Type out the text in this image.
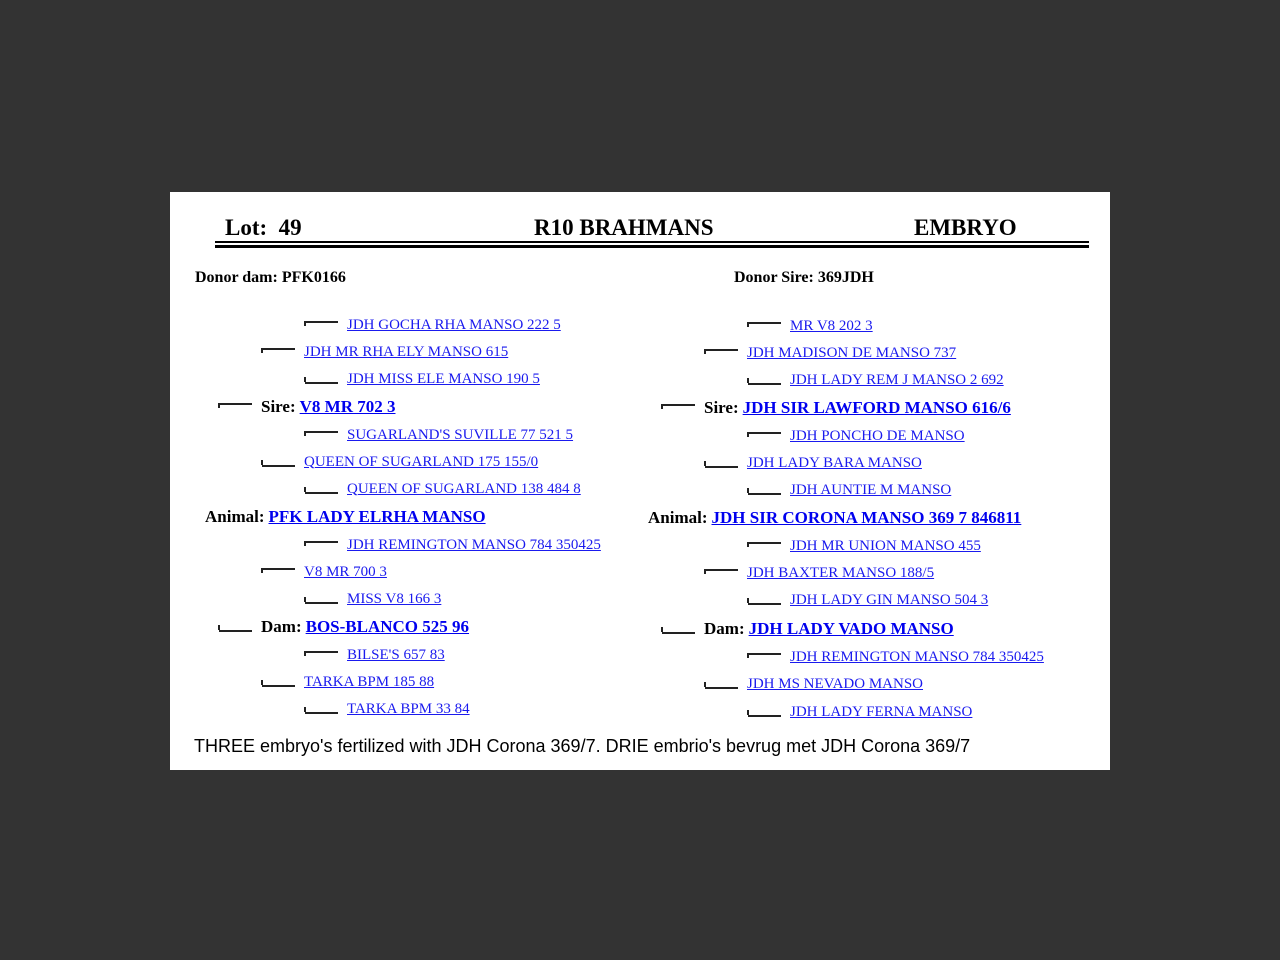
Lot: 49	R10 BRAHMANS	EMBRYO
Donor dam: PFK0166	Donor Sire: 369JDH
JDH GOCHA RHA MANSO 222 5
JDH MR RHA ELY MANSO 615
JDH MISS ELE MANSO 190 5
Sire: V8 MR 702 3
SUGARLAND'S SUVILLE 77 521 5
QUEEN OF SUGARLAND 175 155/0
QUEEN OF SUGARLAND 138 484 8
Animal: PFK LADY ELRHA MANSO
JDH REMINGTON MANSO 784 350425
V8 MR 700 3
MISS V8 166 3
Dam: BOS-BLANCO 525 96
BILSE'S 657 83
TARKA BPM 185 88
TARKA BPM 33 84
MR V8 202 3
JDH MADISON DE MANSO 737
JDH LADY REM J MANSO 2 692
Sire: JDH SIR LAWFORD MANSO 616/6
JDH PONCHO DE MANSO
JDH LADY BARA MANSO
JDH AUNTIE M MANSO
Animal: JDH SIR CORONA MANSO 369 7 846811
JDH MR UNION MANSO 455
JDH BAXTER MANSO 188/5
JDH LADY GIN MANSO 504 3
Dam: JDH LADY VADO MANSO
JDH REMINGTON MANSO 784 350425
JDH MS NEVADO MANSO
JDH LADY FERNA MANSO
THREE embryo's fertilized with JDH Corona 369/7. DRIE embrio's bevrug met JDH Corona 369/7
